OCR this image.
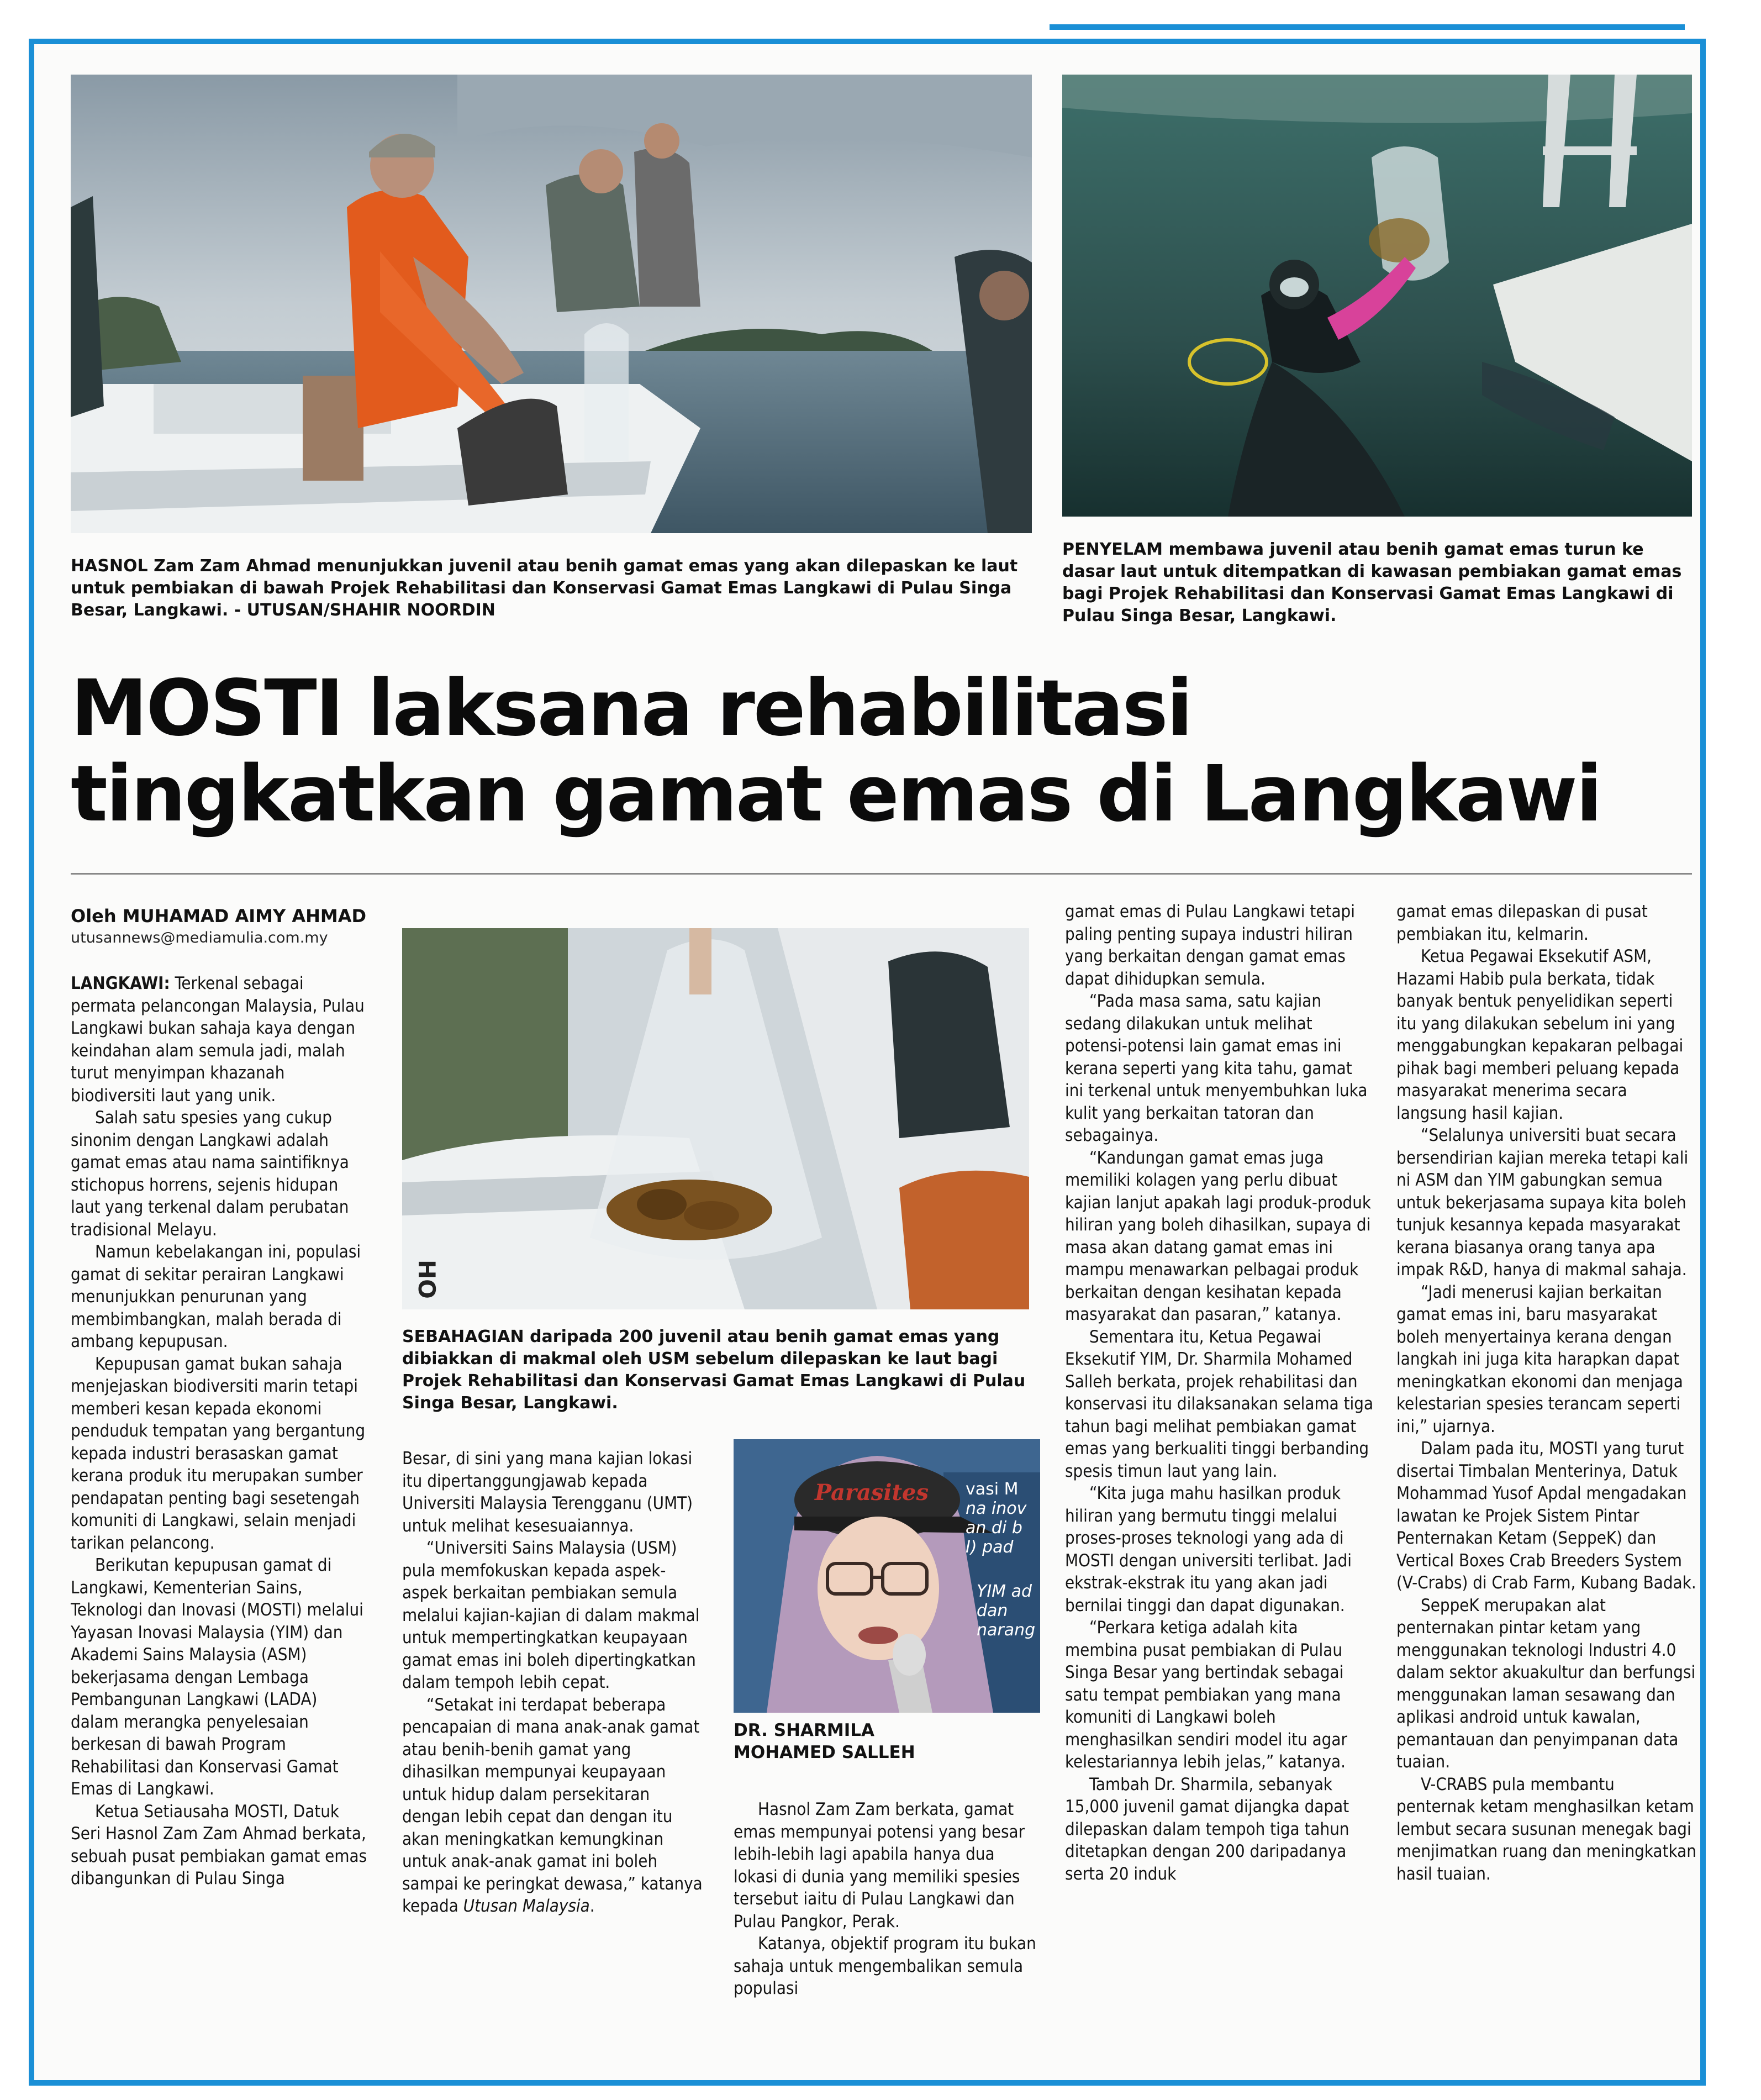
HASNOL Zam Zam Ahmad menunjukkan juvenil atau benih gamat emas yang akan dilepaskan ke laut untuk pembiakan di bawah Projek Rehabilitasi dan Konservasi Gamat Emas Langkawi di Pulau Singa Besar, Langkawi. - UTUSAN/SHAHIR NOORDIN
PENYELAM membawa juvenil atau benih gamat emas turun ke dasar laut untuk ditempatkan di kawasan pembiakan gamat emas bagi Projek Rehabilitasi dan Konservasi Gamat Emas Langkawi di Pulau Singa Besar, Langkawi.
MOSTI laksana rehabilitasi
tingkatkan gamat emas di Langkawi
Oleh MUHAMAD AIMY AHMAD
utusannews@mediamulia.com.my

LANGKAWI: Terkenal sebagai permata pelancongan Malaysia, Pulau Langkawi bukan sahaja kaya dengan keindahan alam semula jadi, malah turut menyimpan khazanah biodiversiti laut yang unik.

Salah satu spesies yang cukup sinonim dengan Langkawi adalah gamat emas atau nama saintifiknya stichopus horrens, sejenis hidupan laut yang terkenal dalam perubatan tradisional Melayu.

Namun kebelakangan ini, populasi gamat di sekitar perairan Langkawi menunjukkan penurunan yang membimbangkan, malah berada di ambang kepupusan.

Kepupusan gamat bukan sahaja menjejaskan biodiversiti marin tetapi memberi kesan kepada ekonomi penduduk tempatan yang bergantung kepada industri berasaskan gamat kerana produk itu merupakan sumber pendapatan penting bagi sesetengah komuniti di Langkawi, selain menjadi tarikan pelancong.

Berikutan kepupusan gamat di Langkawi, Kementerian Sains, Teknologi dan Inovasi (MOSTI) melalui Yayasan Inovasi Malaysia (YIM) dan Akademi Sains Malaysia (ASM) bekerjasama dengan Lembaga Pembangunan Langkawi (LADA) dalam merangka penyelesaian berkesan di bawah Program Rehabilitasi dan Konservasi Gamat Emas di Langkawi.

Ketua Setiausaha MOSTI, Datuk Seri Hasnol Zam Zam Ahmad berkata, sebuah pusat pembiakan gamat emas dibangunkan di Pulau Singa

HO
SEBAHAGIAN daripada 200 juvenil atau benih gamat emas yang dibiakkan di makmal oleh USM sebelum dilepaskan ke laut bagi Projek Rehabilitasi dan Konservasi Gamat Emas Langkawi di Pulau Singa Besar, Langkawi.

Besar, di sini yang mana kajian lokasi itu dipertanggungjawab kepada Universiti Malaysia Terengganu (UMT) untuk melihat kesesuaiannya.

“Universiti Sains Malaysia (USM) pula memfokuskan kepada aspek-aspek berkaitan pembiakan semula melalui kajian-kajian di dalam makmal untuk mempertingkatkan keupayaan gamat emas ini boleh dipertingkatkan dalam tempoh lebih cepat.

“Setakat ini terdapat beberapa pencapaian di mana anak-anak gamat atau benih-benih gamat yang dihasilkan mempunyai keupayaan untuk hidup dalam persekitaran dengan lebih cepat dan dengan itu akan meningkatkan kemungkinan untuk anak-anak gamat ini boleh sampai ke peringkat dewasa,” katanya kepada Utusan Malaysia.

Parasites vasi M
na inov
an di b
I) pad
YIM ad
dan
narang
DR. SHARMILA
MOHAMED SALLEH

Hasnol Zam Zam berkata, gamat emas mempunyai potensi yang besar lebih-lebih lagi apabila hanya dua lokasi di dunia yang memiliki spesies tersebut iaitu di Pulau Langkawi dan Pulau Pangkor, Perak.

Katanya, objektif program itu bukan sahaja untuk mengembalikan semula populasi

gamat emas di Pulau Langkawi tetapi paling penting supaya industri hiliran yang berkaitan dengan gamat emas dapat dihidupkan semula.

“Pada masa sama, satu kajian sedang dilakukan untuk melihat potensi-potensi lain gamat emas ini kerana seperti yang kita tahu, gamat ini terkenal untuk menyembuhkan luka kulit yang berkaitan tatoran dan sebagainya.

“Kandungan gamat emas juga memiliki kolagen yang perlu dibuat kajian lanjut apakah lagi produk-produk hiliran yang boleh dihasilkan, supaya di masa akan datang gamat emas ini mampu menawarkan pelbagai produk berkaitan dengan kesihatan kepada masyarakat dan pasaran,” katanya.

Sementara itu, Ketua Pegawai Eksekutif YIM, Dr. Sharmila Mohamed Salleh berkata, projek rehabilitasi dan konservasi itu dilaksanakan selama tiga tahun bagi melihat pembiakan gamat emas yang berkualiti tinggi berbanding spesis timun laut yang lain.

“Kita juga mahu hasilkan produk hiliran yang bermutu tinggi melalui proses-proses teknologi yang ada di MOSTI dengan universiti terlibat. Jadi ekstrak-ekstrak itu yang akan jadi bernilai tinggi dan dapat digunakan.

“Perkara ketiga adalah kita membina pusat pembiakan di Pulau Singa Besar yang bertindak sebagai satu tempat pembiakan yang mana komuniti di Langkawi boleh menghasilkan sendiri model itu agar kelestariannya lebih jelas,” katanya.

Tambah Dr. Sharmila, sebanyak 15,000 juvenil gamat dijangka dapat dilepaskan dalam tempoh tiga tahun ditetapkan dengan 200 daripadanya serta 20 induk

gamat emas dilepaskan di pusat pembiakan itu, kelmarin.

Ketua Pegawai Eksekutif ASM, Hazami Habib pula berkata, tidak banyak bentuk penyelidikan seperti itu yang dilakukan sebelum ini yang menggabungkan kepakaran pelbagai pihak bagi memberi peluang kepada masyarakat menerima secara langsung hasil kajian.

“Selalunya universiti buat secara bersendirian kajian mereka tetapi kali ni ASM dan YIM gabungkan semua untuk bekerjasama supaya kita boleh tunjuk kesannya kepada masyarakat kerana biasanya orang tanya apa impak R&D, hanya di makmal sahaja.

“Jadi menerusi kajian berkaitan gamat emas ini, baru masyarakat boleh menyertainya kerana dengan langkah ini juga kita harapkan dapat meningkatkan ekonomi dan menjaga kelestarian spesies terancam seperti ini,” ujarnya.

Dalam pada itu, MOSTI yang turut disertai Timbalan Menterinya, Datuk Mohammad Yusof Apdal mengadakan lawatan ke Projek Sistem Pintar Penternakan Ketam (SeppeK) dan Vertical Boxes Crab Breeders System (V-Crabs) di Crab Farm, Kubang Badak.

SeppeK merupakan alat penternakan pintar ketam yang menggunakan teknologi Industri 4.0 dalam sektor akuakultur dan berfungsi menggunakan laman sesawang dan aplikasi android untuk kawalan, pemantauan dan penyimpanan data tuaian.

V-CRABS pula membantu penternak ketam menghasilkan ketam lembut secara susunan menegak bagi menjimatkan ruang dan meningkatkan hasil tuaian.
